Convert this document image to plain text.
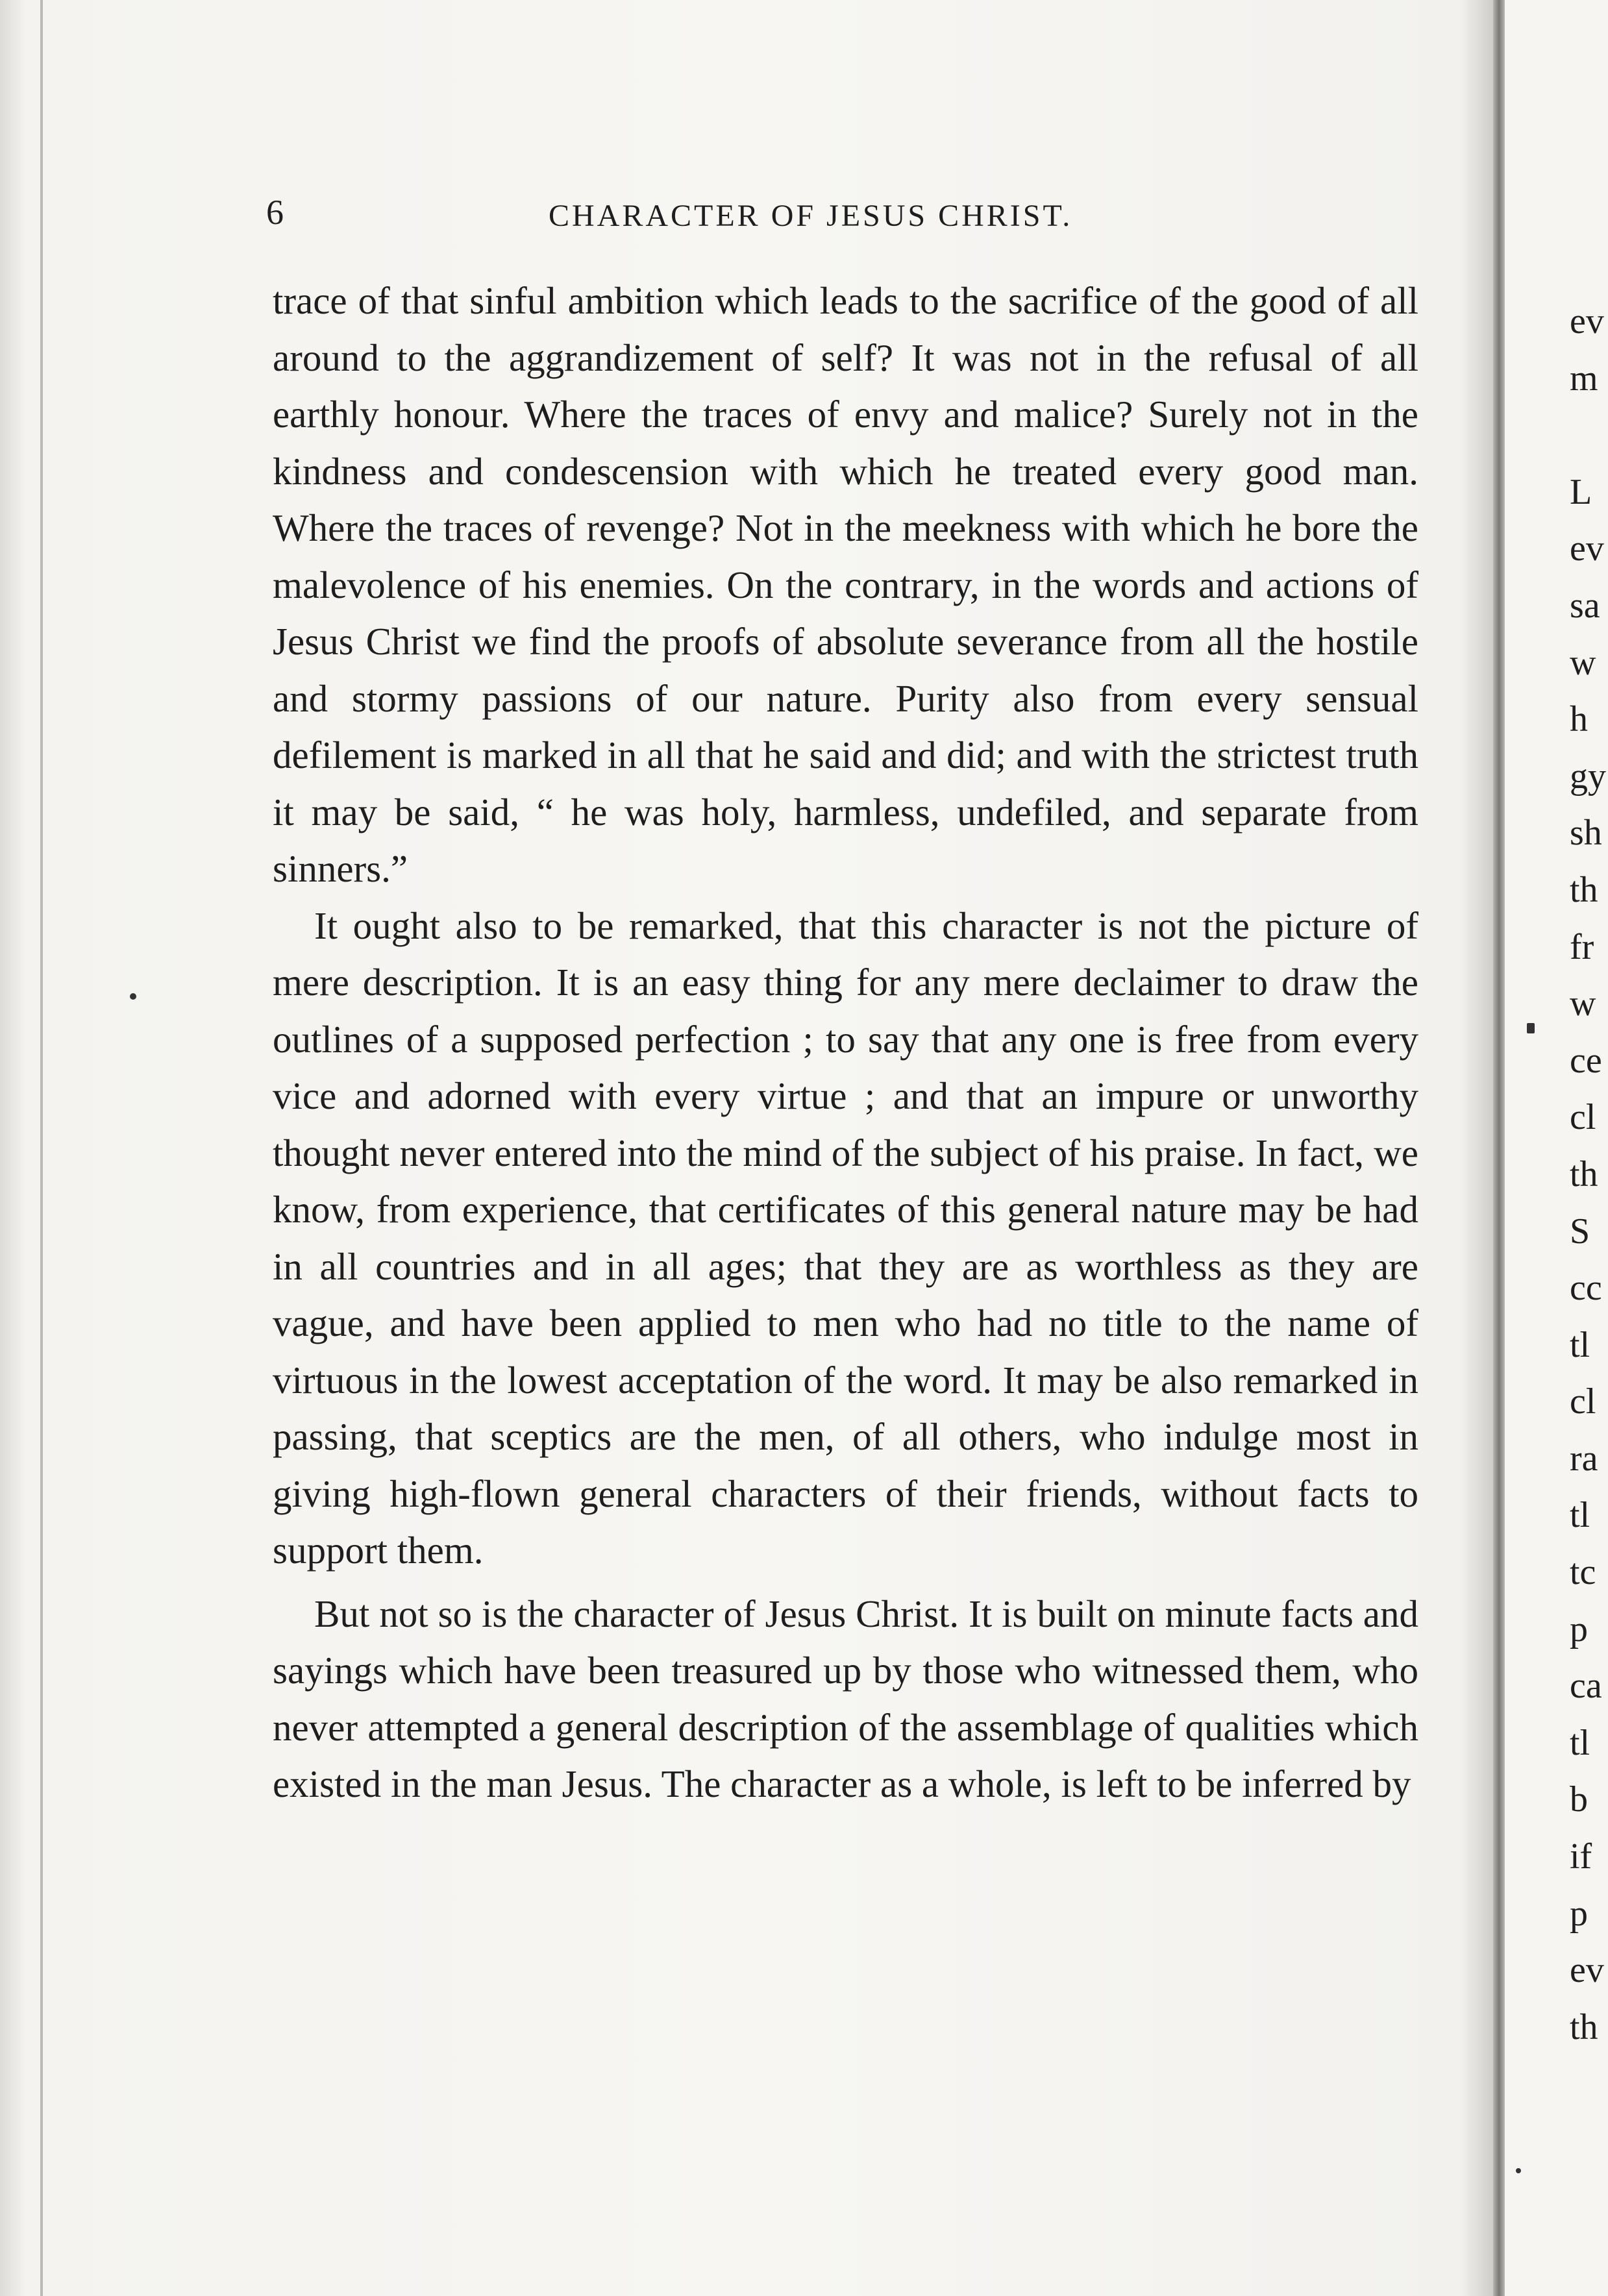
6	CHARACTER OF JESUS CHRIST.

trace of that sinful ambition which leads to the sacrifice of the good of all around to the aggrandizement of self? It was not in the refusal of all earthly honour. Where the traces of envy and malice? Surely not in the kindness and condescension with which he treated every good man. Where the traces of revenge? Not in the meekness with which he bore the malevolence of his enemies. On the contrary, in the words and actions of Jesus Christ we find the proofs of absolute severance from all the hostile and stormy passions of our nature. Purity also from every sensual defilement is marked in all that he said and did; and with the strictest truth it may be said, “ he was holy, harmless, undefiled, and separate from sinners.”

It ought also to be remarked, that this character is not the picture of mere description. It is an easy thing for any mere declaimer to draw the outlines of a supposed perfection ; to say that any one is free from every vice and adorned with every virtue ; and that an impure or unworthy thought never entered into the mind of the subject of his praise. In fact, we know, from experience, that certificates of this general nature may be had in all countries and in all ages; that they are as worthless as they are vague, and have been applied to men who had no title to the name of virtuous in the lowest acceptation of the word. It may be also remarked in passing, that sceptics are the men, of all others, who indulge most in giving high-flown general characters of their friends, without facts to support them.

But not so is the character of Jesus Christ. It is built on minute facts and sayings which have been treasured up by those who witnessed them, who never attempted a general description of the assemblage of qualities which existed in the man Jesus. The character as a whole, is left to be inferred by

ev
m
L
ev
sa
w
h
gy
sh
th
fr
w
ce
cl
th
S
cc
tl
cl
ra
tl
tc
p
ca
tl
b
if
p
ev
th
